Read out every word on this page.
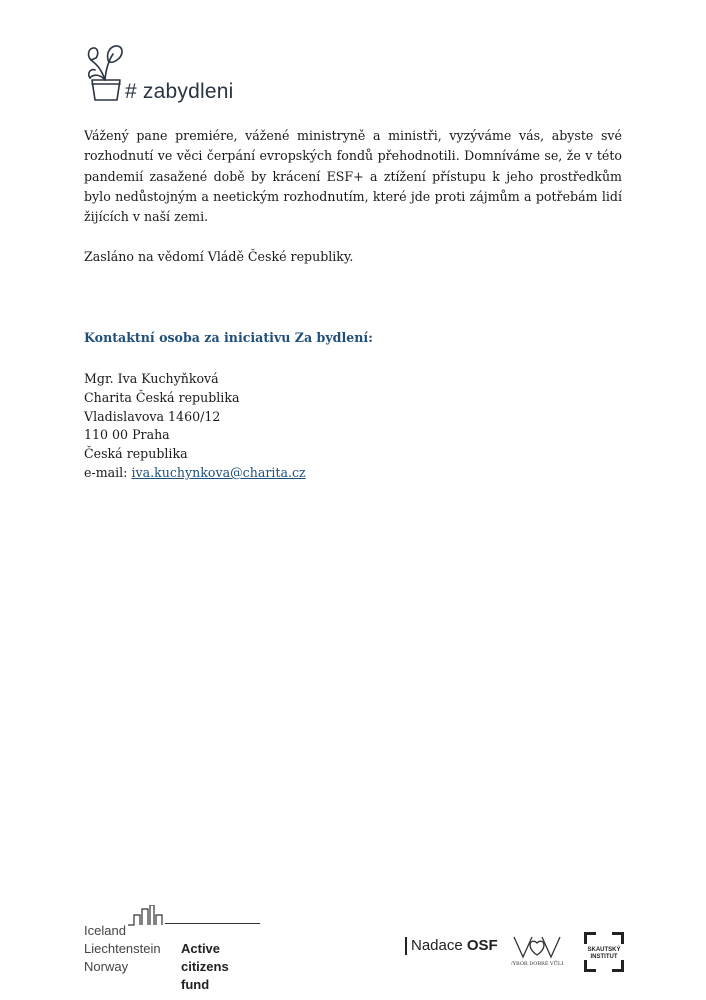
# zabydleni

Vážený pane premiére, vážené ministryně a ministři, vyzýváme vás, abyste své rozhodnutí ve věci čerpání evropských fondů přehodnotili. Domníváme se, že v této pandemií zasažené době by krácení ESF+ a ztížení přístupu k jeho prostředkům bylo nedůstojným a neetickým rozhodnutím, které jde proti zájmům a potřebám lidí žijících v naší zemi.

Zasláno na vědomí Vládě České republiky.
Kontaktní osoba za iniciativu Za bydlení:
Mgr. Iva Kuchyňková
Charita Česká republika
Vladislavova 1460/12
110 00 Praha
Česká republika
e-mail: iva.kuchynkova@charita.cz
Iceland
Liechtenstein
Norway
Active
citizens fund
Nadace OSF
VÝBOR DOBRÉ VŮLE
SKAUTSKÝ
INSTITUT
